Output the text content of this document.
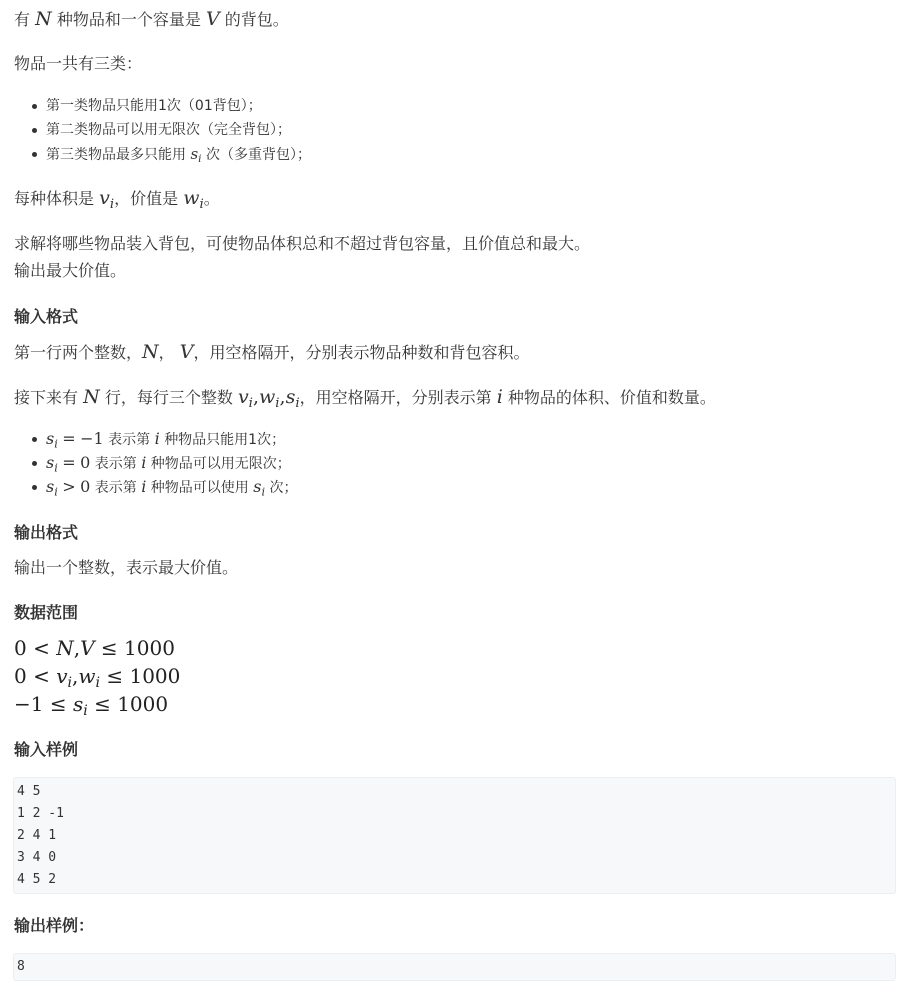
有 N 种物品和一个容量是 V 的背包。
物品一共有三类：
第一类物品只能用1次（01背包）；
第二类物品可以用无限次（完全背包）；
第三类物品最多只能用 $s_i$ 次（多重背包）；
每种体积是 $v_i$，价值是 $w_i$。
求解将哪些物品装入背包，可使物品体积总和不超过背包容量，且价值总和最大。
输出最大价值。
输入格式
第一行两个整数，N， V，用空格隔开，分别表示物品种数和背包容积。
接下来有 N 行，每行三个整数 $v_i,w_i,s_i$，用空格隔开，分别表示第 i 种物品的体积、价值和数量。
$s_i = -1$ 表示第 i 种物品只能用1次；
$s_i = 0$ 表示第 i 种物品可以用无限次；
$s_i > 0$ 表示第 i 种物品可以使用 $s_i$ 次；
输出格式
输出一个整数，表示最大价值。
数据范围
0 < N,V ≤ 1000
$0 < v_i,w_i \le 1000$
$-1 \le s_i \le 1000$
输入样例
4 5
1 2 -1
2 4 1
3 4 0
4 5 2
输出样例：
8
